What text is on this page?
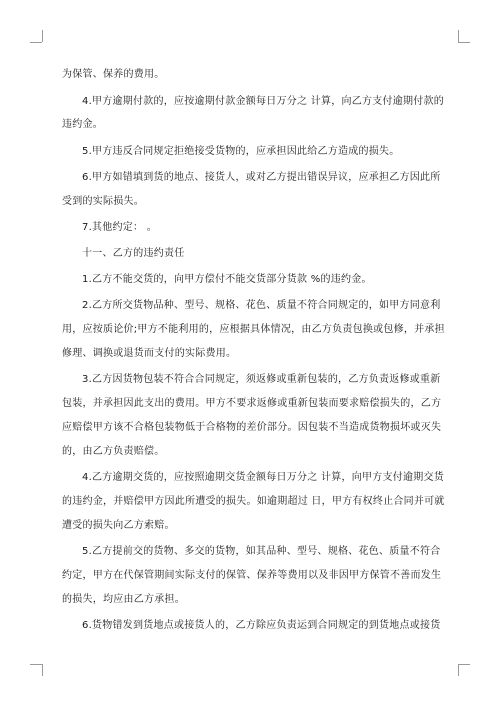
为保管、保养的费用。
4.甲方逾期付款的，应按逾期付款金额每日万分之 计算，向乙方支付逾期付款的
违约金。
5.甲方违反合同规定拒绝接受货物的，应承担因此给乙方造成的损失。
6.甲方如错填到货的地点、接货人，或对乙方提出错误异议，应承担乙方因此所
受到的实际损失。
7.其他约定： 。
十一、乙方的违约责任
1.乙方不能交货的，向甲方偿付不能交货部分货款 %的违约金。
2.乙方所交货物品种、型号、规格、花色、质量不符合同规定的，如甲方同意利
用，应按质论价;甲方不能利用的，应根据具体情况，由乙方负责包换或包修，并承担
修理、调换或退货而支付的实际费用。
3.乙方因货物包装不符合合同规定，须返修或重新包装的，乙方负责返修或重新
包装，并承担因此支出的费用。甲方不要求返修或重新包装而要求赔偿损失的，乙方
应赔偿甲方该不合格包装物低于合格物的差价部分。因包装不当造成货物损坏或灭失
的，由乙方负责赔偿。
4.乙方逾期交货的，应按照逾期交货金额每日万分之 计算，向甲方支付逾期交货
的违约金，并赔偿甲方因此所遭受的损失。如逾期超过 日，甲方有权终止合同并可就
遭受的损失向乙方索赔。
5.乙方提前交的货物、多交的货物，如其品种、型号、规格、花色、质量不符合
约定，甲方在代保管期间实际支付的保管、保养等费用以及非因甲方保管不善而发生
的损失，均应由乙方承担。
6.货物错发到货地点或接货人的，乙方除应负责运到合同规定的到货地点或接货
